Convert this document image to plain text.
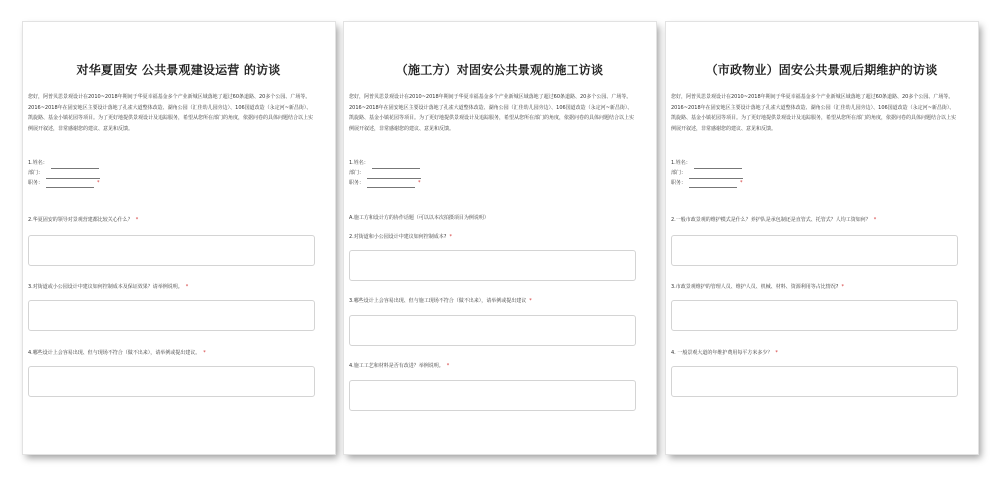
对华夏固安 公共景观建设运营 的访谈

您好，阿普贝思景观设计在2010~2018年期间于华夏幸福基金多个产业新城区域落地了超过60条道路、20多个公园、广场等。2016~2018年在固安地区主要设计落地了孔雀大道整体改造、湖角公园（汇佳幼儿园旁边）、106国道改造（永定河~新昌街）、凯旋路、基金小镇花园等项目。为了更好地提供景观设计及追踪服务，希望从您所在部门的角度，依据问卷的具体问题结合以上实例展开叙述，非常感谢您的建议、意见和反馈。

1.姓名：
部门：
职务：	*
2.华夏固安的领导对景观营建都比较关心什么？ *
3.对街道或小公园设计中建议如何控制成本及保证效果？请举例说明。 *
4.哪些设计上会容易出现、但与现场不符合（做不出来），请举例或提出建议。 *
（施工方）对固安公共景观的施工访谈

您好，阿普贝思景观设计在2010~2018年期间于华夏幸福基金多个产业新城区域落地了超过60条道路、20多个公园、广场等。2016~2018年在固安地区主要设计落地了孔雀大道整体改造、湖角公园（汇佳幼儿园旁边）、106国道改造（永定河~新昌街）、凯旋路、基金小镇花园等项目。为了更好地提供景观设计及追踪服务，希望从您所在部门的角度，依据问卷的具体问题结合以上实例展开叙述，非常感谢您的建议、意见和反馈。

1.姓名：
部门：
职务：	*
A.施工方和设计方的协作话题（可以以本次拍摄项目为例说明）
2.对街道和小公园设计中建议如何控制成本? *
3.哪些设计上会容易出现、但与施工现场不符合（做不出来），请举例或提出建议 *
4.施工工艺和材料是否有改进？举例说明。 *
（市政物业）固安公共景观后期维护的访谈

您好，阿普贝思景观设计在2010~2018年期间于华夏幸福基金多个产业新城区域落地了超过60条道路、20多个公园、广场等。2016~2018年在固安地区主要设计落地了孔雀大道整体改造、湖角公园（汇佳幼儿园旁边）、106国道改造（永定河~新昌街）、凯旋路、基金小镇花园等项目。为了更好地提供景观设计及追踪服务，希望从您所在部门的角度，依据问卷的具体问题结合以上实例展开叙述，非常感谢您的建议、意见和反馈。

1.姓名：
部门：
职务：	*
2.一般市政景观的维护模式是什么？养护队是承包制还是直管式、托管式？人均工资如何？ *
3.市政景观维护的管理人员、维护人员、机械、材料、资源利用等占比情况? *
4. 一般景观大道的年维护费用每平方米多少？ *
